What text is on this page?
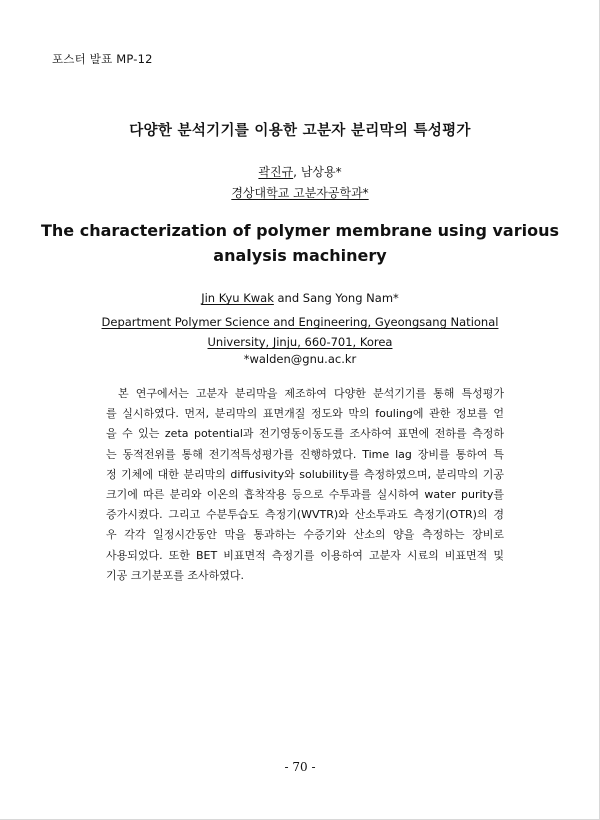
포스터 발표 MP-12
다양한 분석기기를 이용한 고분자 분리막의 특성평가
곽진규, 남상용*
경상대학교 고분자공학과*
The characterization of polymer membrane using various
analysis machinery
Jin Kyu Kwak and Sang Yong Nam*
Department Polymer Science and Engineering, Gyeongsang National
University, Jinju, 660-701, Korea
*walden@gnu.ac.kr

본 연구에서는 고분자 분리막을 제조하여 다양한 분석기기를 통해 특성평가

를 실시하였다. 먼저, 분리막의 표면개질 정도와 막의 fouling에 관한 정보를 얻

을 수 있는 zeta potential과 전기영동이동도를 조사하여 표면에 전하를 측정하

는 동적전위를 통해 전기적특성평가를 진행하였다. Time lag 장비를 통하여 특

정 기체에 대한 분리막의 diffusivity와 solubility를 측정하였으며, 분리막의 기공

크기에 따른 분리와 이온의 흡착작용 등으로 수투과를 실시하여 water purity를

증가시켰다. 그리고 수분투습도 측정기(WVTR)와 산소투과도 측정기(OTR)의 경

우 각각 일정시간동안 막을 통과하는 수증기와 산소의 양을 측정하는 장비로

사용되었다. 또한 BET 비표면적 측정기를 이용하여 고분자 시료의 비표면적 및

기공 크기분포를 조사하였다.

- 70 -
